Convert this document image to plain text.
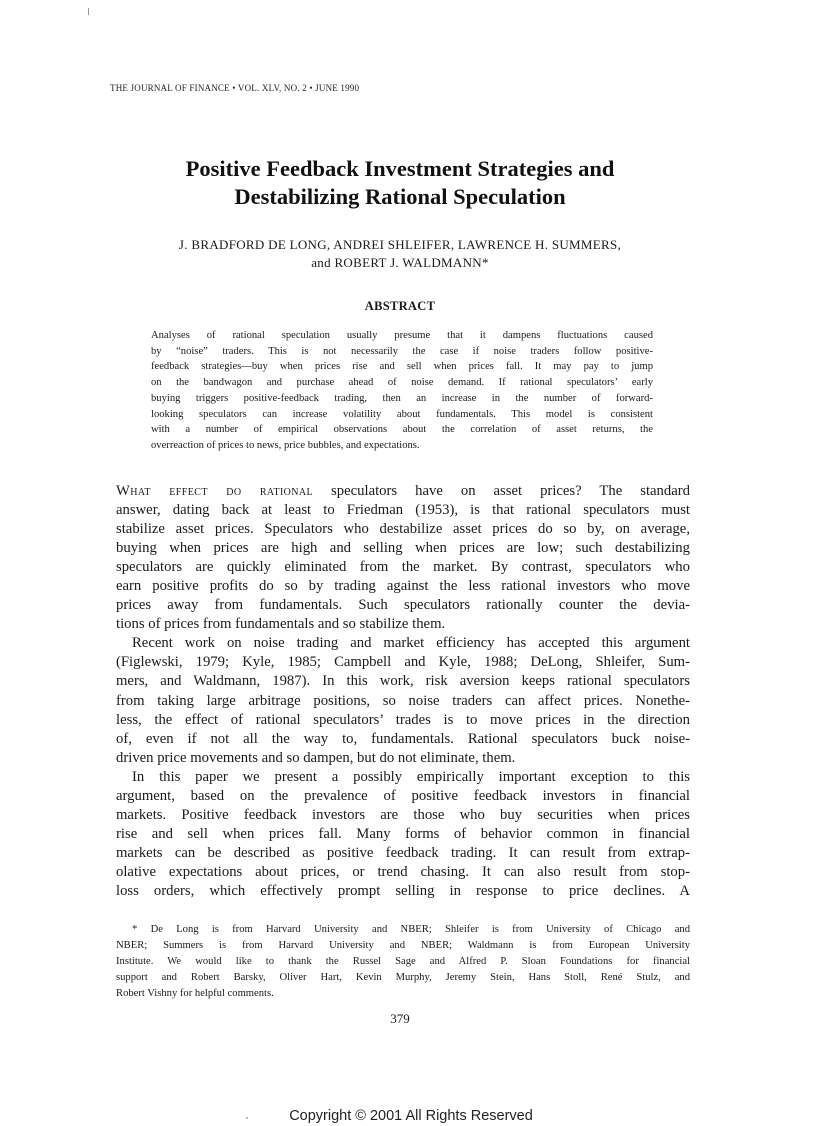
THE JOURNAL OF FINANCE • VOL. XLV, NO. 2 • JUNE 1990
Positive Feedback Investment Strategies and
Destabilizing Rational Speculation
J. BRADFORD DE LONG, ANDREI SHLEIFER, LAWRENCE H. SUMMERS,
and ROBERT J. WALDMANN*
ABSTRACT
Analyses of rational speculation usually presume that it dampens fluctuations caused
by “noise” traders. This is not necessarily the case if noise traders follow positive-
feedback strategies—buy when prices rise and sell when prices fall. It may pay to jump
on the bandwagon and purchase ahead of noise demand. If rational speculators’ early
buying triggers positive-feedback trading, then an increase in the number of forward-
looking speculators can increase volatility about fundamentals. This model is consistent
with a number of empirical observations about the correlation of asset returns, the
overreaction of prices to news, price bubbles, and expectations.
What effect do rational speculators have on asset prices? The standard
answer, dating back at least to Friedman (1953), is that rational speculators must
stabilize asset prices. Speculators who destabilize asset prices do so by, on average,
buying when prices are high and selling when prices are low; such destabilizing
speculators are quickly eliminated from the market. By contrast, speculators who
earn positive profits do so by trading against the less rational investors who move
prices away from fundamentals. Such speculators rationally counter the devia-
tions of prices from fundamentals and so stabilize them.
Recent work on noise trading and market efficiency has accepted this argument
(Figlewski, 1979; Kyle, 1985; Campbell and Kyle, 1988; DeLong, Shleifer, Sum-
mers, and Waldmann, 1987). In this work, risk aversion keeps rational speculators
from taking large arbitrage positions, so noise traders can affect prices. Nonethe-
less, the effect of rational speculators’ trades is to move prices in the direction
of, even if not all the way to, fundamentals. Rational speculators buck noise-
driven price movements and so dampen, but do not eliminate, them.
In this paper we present a possibly empirically important exception to this
argument, based on the prevalence of positive feedback investors in financial
markets. Positive feedback investors are those who buy securities when prices
rise and sell when prices fall. Many forms of behavior common in financial
markets can be described as positive feedback trading. It can result from extrap-
olative expectations about prices, or trend chasing. It can also result from stop-
loss orders, which effectively prompt selling in response to price declines. A
* De Long is from Harvard University and NBER; Shleifer is from University of Chicago and
NBER; Summers is from Harvard University and NBER; Waldmann is from European University
Institute. We would like to thank the Russel Sage and Alfred P. Sloan Foundations for financial
support and Robert Barsky, Oliver Hart, Kevin Murphy, Jeremy Stein, Hans Stoll, René Stulz, and
Robert Vishny for helpful comments.
379
Copyright © 2001 All Rights Reserved
